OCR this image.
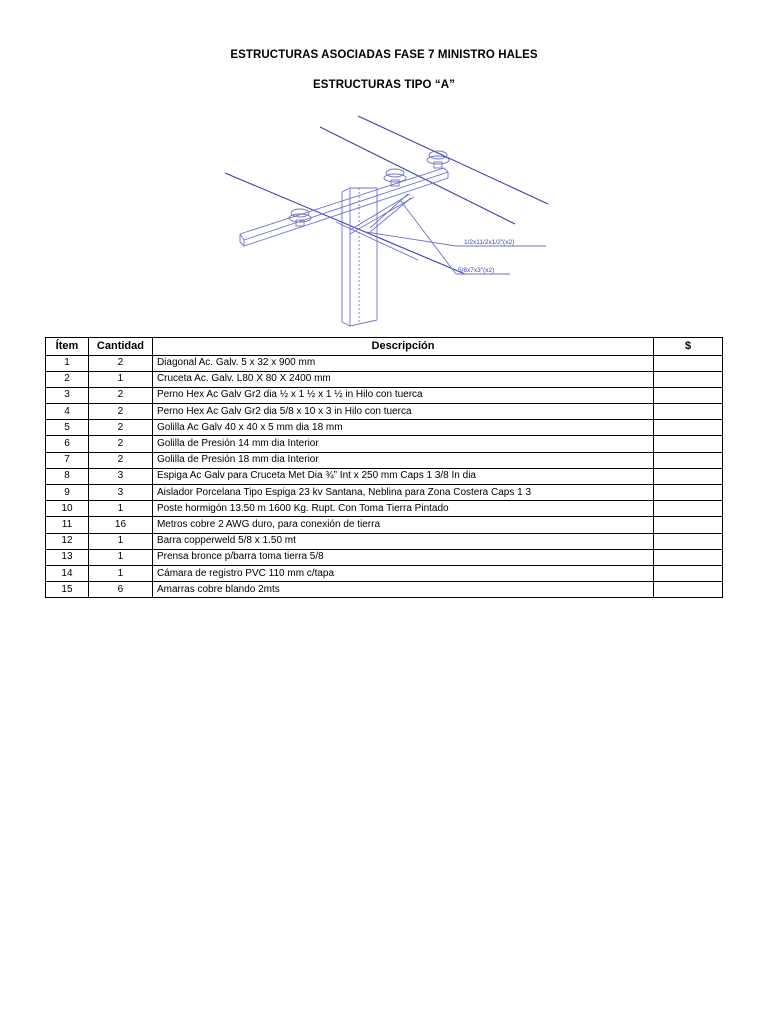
ESTRUCTURAS ASOCIADAS FASE 7 MINISTRO HALES
ESTRUCTURAS TIPO “A”
1/2x11/2x1/2"(x2)
5/8x7x3"(x2)
Ítem	Cantidad	Descripción	$
1	2	Diagonal Ac. Galv. 5 x 32 x 900 mm	
2	1	Cruceta Ac. Galv. L80 X 80 X 2400 mm	
3	2	Perno Hex Ac Galv Gr2 dia ½ x 1 ½ x 1 ½ in Hilo con tuerca	
4	2	Perno Hex Ac Galv Gr2 dia 5/8 x 10 x 3 in Hilo con tuerca	
5	2	Golilla Ac Galv 40 x 40 x 5 mm dia 18 mm	
6	2	Golilla de Presión 14 mm dia Interior	
7	2	Golilla de Presión 18 mm dia Interior	
8	3	Espiga Ac Galv para Cruceta Met Dia ¾” Int x 250 mm Caps 1 3/8 In dia	
9	3	Aislador Porcelana Tipo Espiga 23 kv Santana, Neblina para Zona Costera Caps 1 3	
10	1	Poste hormigón 13.50 m 1600 Kg. Rupt. Con Toma Tierra Pintado	
11	16	Metros cobre 2 AWG duro, para conexión de tierra	
12	1	Barra copperweld 5/8 x 1.50 mt	
13	1	Prensa bronce p/barra toma tierra 5/8	
14	1	Cámara de registro PVC 110 mm c/tapa	
15	6	Amarras cobre blando 2mts	
